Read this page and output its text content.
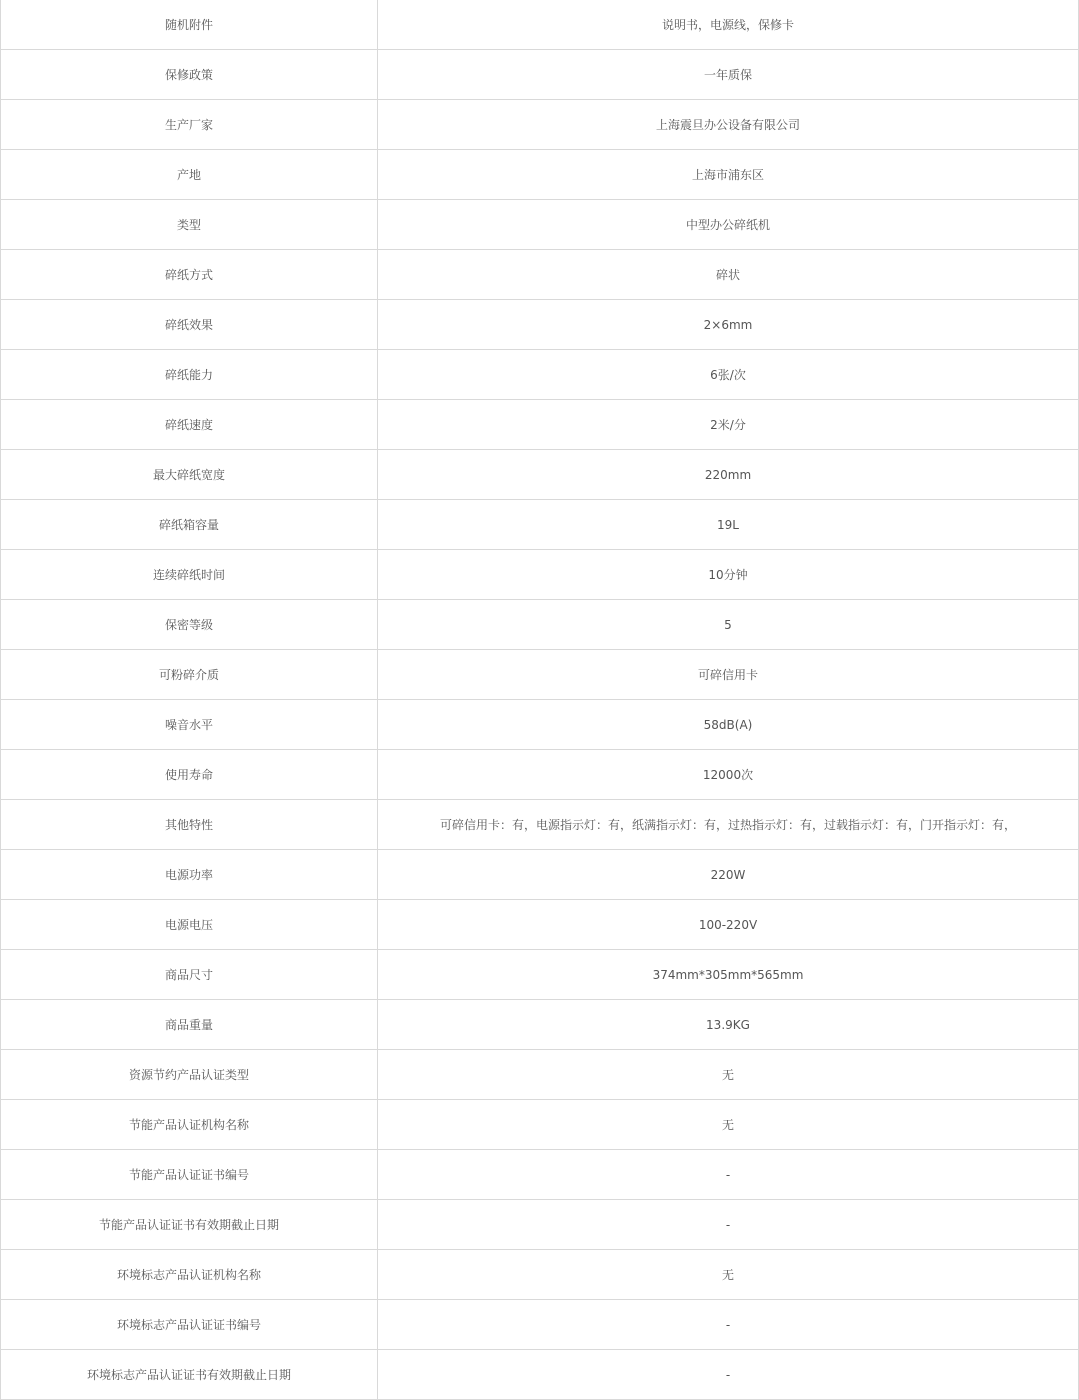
随机附件	说明书，电源线，保修卡
保修政策	一年质保
生产厂家	上海震旦办公设备有限公司
产地	上海市浦东区
类型	中型办公碎纸机
碎纸方式	碎状
碎纸效果	2×6mm
碎纸能力	6张/次
碎纸速度	2米/分
最大碎纸宽度	220mm
碎纸箱容量	19L
连续碎纸时间	10分钟
保密等级	5
可粉碎介质	可碎信用卡
噪音水平	58dB(A)
使用寿命	12000次
其他特性	可碎信用卡：有，电源指示灯：有，纸满指示灯：有，过热指示灯：有，过载指示灯：有，门开指示灯：有，
电源功率	220W
电源电压	100-220V
商品尺寸	374mm*305mm*565mm
商品重量	13.9KG
资源节约产品认证类型	无
节能产品认证机构名称	无
节能产品认证证书编号	-
节能产品认证证书有效期截止日期	-
环境标志产品认证机构名称	无
环境标志产品认证证书编号	-
环境标志产品认证证书有效期截止日期	-
